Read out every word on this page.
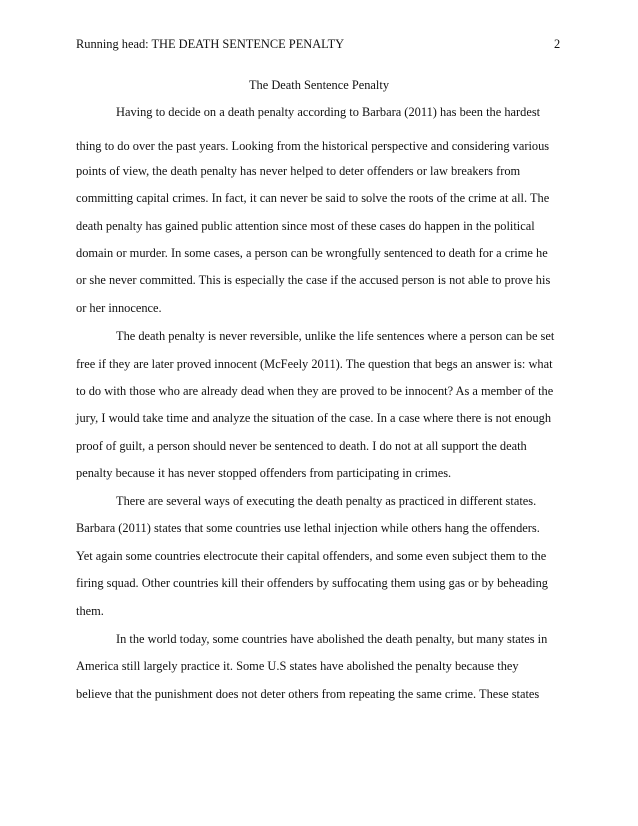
Running head: THE DEATH SENTENCE PENALTY	2
The Death Sentence Penalty
Having to decide on a death penalty according to Barbara (2011) has been the hardest
thing to do over the past years. Looking from the historical perspective and considering various
points of view, the death penalty has never helped to deter offenders or law breakers from
committing capital crimes. In fact, it can never be said to solve the roots of the crime at all. The
death penalty has gained public attention since most of these cases do happen in the political
domain or murder. In some cases, a person can be wrongfully sentenced to death for a crime he
or she never committed. This is especially the case if the accused person is not able to prove his
or her innocence.
The death penalty is never reversible, unlike the life sentences where a person can be set
free if they are later proved innocent (McFeely 2011). The question that begs an answer is: what
to do with those who are already dead when they are proved to be innocent? As a member of the
jury, I would take time and analyze the situation of the case. In a case where there is not enough
proof of guilt, a person should never be sentenced to death. I do not at all support the death
penalty because it has never stopped offenders from participating in crimes.
There are several ways of executing the death penalty as practiced in different states.
Barbara (2011) states that some countries use lethal injection while others hang the offenders.
Yet again some countries electrocute their capital offenders, and some even subject them to the
firing squad. Other countries kill their offenders by suffocating them using gas or by beheading
them.
In the world today, some countries have abolished the death penalty, but many states in
America still largely practice it. Some U.S states have abolished the penalty because they
believe that the punishment does not deter others from repeating the same crime. These states
